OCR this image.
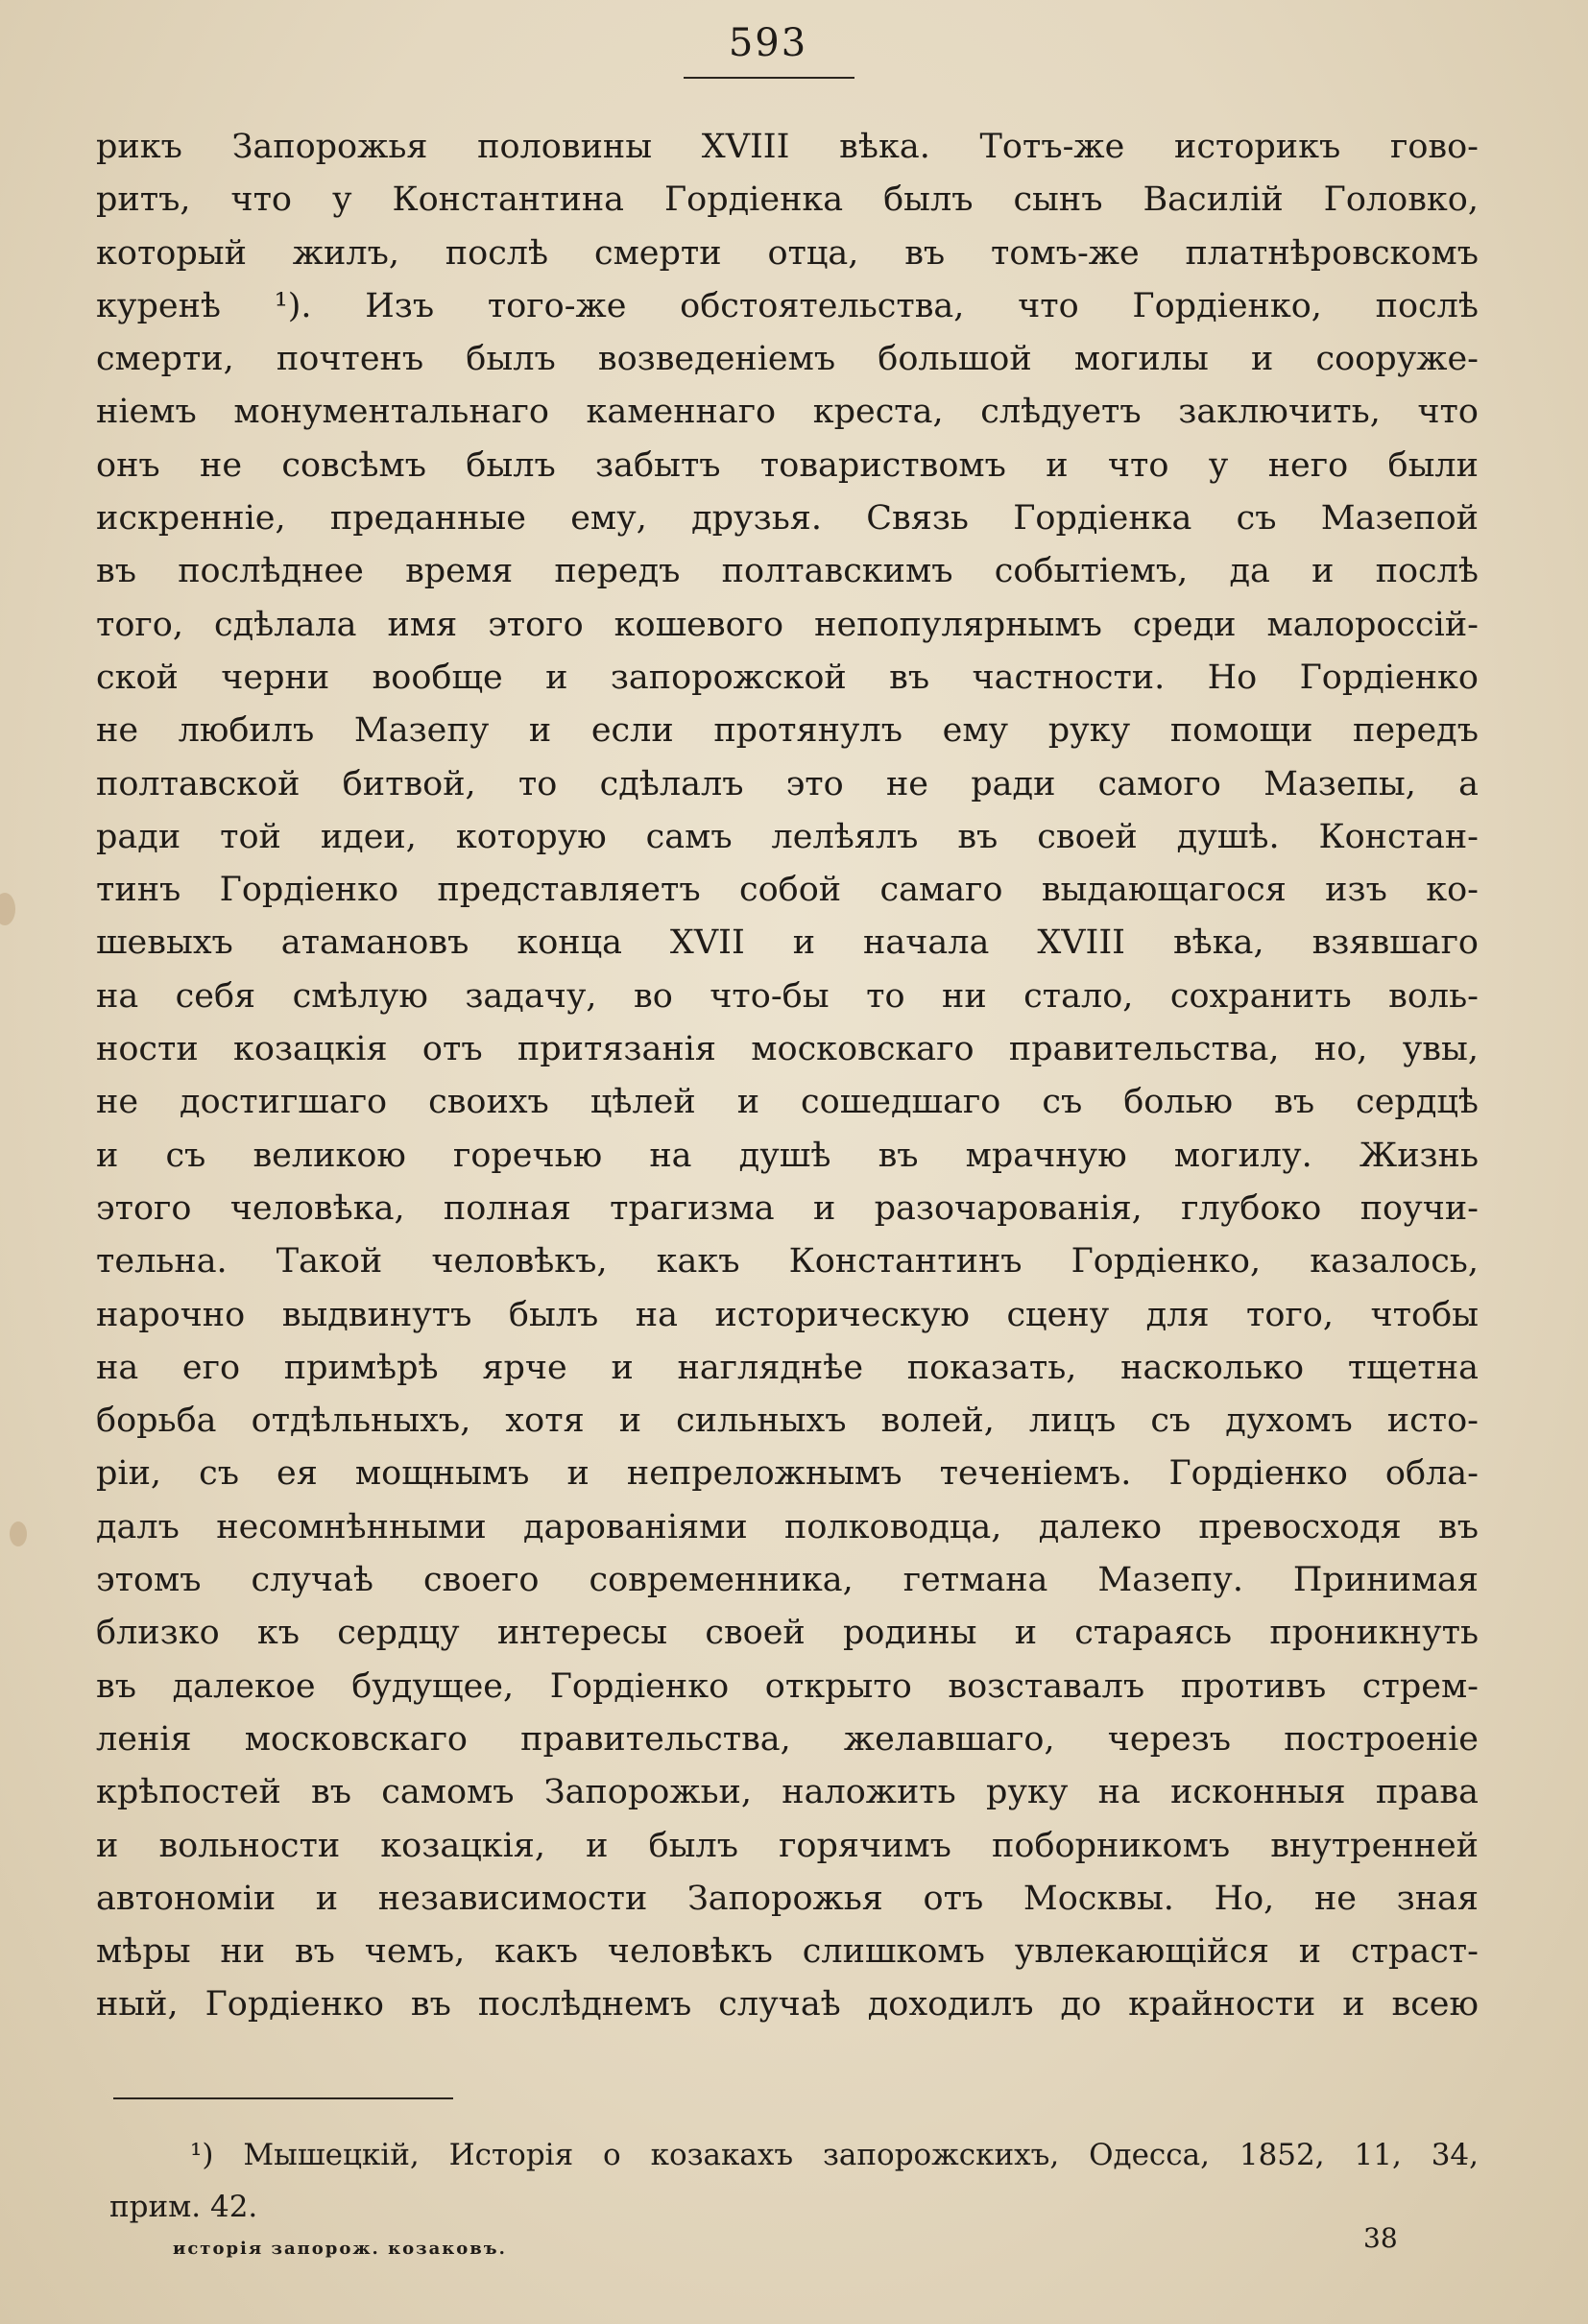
593
рикъ Запорожья половины XVIII вѣка. Тотъ-же историкъ гово-
ритъ, что у Константина Гордіенка былъ сынъ Василій Головко,
который жилъ, послѣ смерти отца, въ томъ-же платнѣровскомъ
куренѣ ¹). Изъ того-же обстоятельства, что Гордіенко, послѣ
смерти, почтенъ былъ возведеніемъ большой могилы и сооруже-
ніемъ монументальнаго каменнаго креста, слѣдуетъ заключить, что
онъ не совсѣмъ былъ забытъ товариствомъ и что у него были
искренніе, преданные ему, друзья. Связь Гордіенка съ Мазепой
въ послѣднее время передъ полтавскимъ событіемъ, да и послѣ
того, сдѣлала имя этого кошевого непопулярнымъ среди малороссій-
ской черни вообще и запорожской въ частности. Но Гордіенко
не любилъ Мазепу и если протянулъ ему руку помощи передъ
полтавской битвой, то сдѣлалъ это не ради самого Мазепы, а
ради той идеи, которую самъ лелѣялъ въ своей душѣ. Констан-
тинъ Гордіенко представляетъ собой самаго выдающагося изъ ко-
шевыхъ атамановъ конца XVII и начала XVIII вѣка, взявшаго
на себя смѣлую задачу, во что-бы то ни стало, сохранить воль-
ности козацкія отъ притязанія московскаго правительства, но, увы,
не достигшаго своихъ цѣлей и сошедшаго съ болью въ сердцѣ
и съ великою горечью на душѣ въ мрачную могилу. Жизнь
этого человѣка, полная трагизма и разочарованія, глубоко поучи-
тельна. Такой человѣкъ, какъ Константинъ Гордіенко, казалось,
нарочно выдвинутъ былъ на историческую сцену для того, чтобы
на его примѣрѣ ярче и нагляднѣе показать, насколько тщетна
борьба отдѣльныхъ, хотя и сильныхъ волей, лицъ съ духомъ исто-
ріи, съ ея мощнымъ и непреложнымъ теченіемъ. Гордіенко обла-
далъ несомнѣнными дарованіями полководца, далеко превосходя въ
этомъ случаѣ своего современника, гетмана Мазепу. Принимая
близко къ сердцу интересы своей родины и стараясь проникнуть
въ далекое будущее, Гордіенко открыто возставалъ противъ стрем-
ленія московскаго правительства, желавшаго, черезъ построеніе
крѣпостей въ самомъ Запорожьи, наложить руку на исконныя права
и вольности козацкія, и былъ горячимъ поборникомъ внутренней
автономіи и независимости Запорожья отъ Москвы. Но, не зная
мѣры ни въ чемъ, какъ человѣкъ слишкомъ увлекающійся и страст-
ный, Гордіенко въ послѣднемъ случаѣ доходилъ до крайности и всею
¹) Мышецкій, Исторія о козакахъ запорожскихъ, Одесса, 1852, 11, 34,
прим. 42.
исторія запорож. козаковъ.	38
